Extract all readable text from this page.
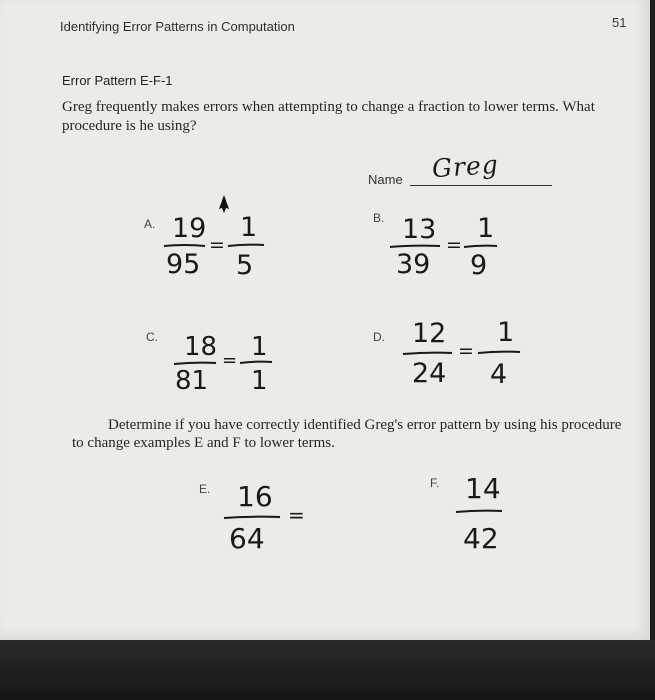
Identifying Error Patterns in Computation	51
Error Pattern E-F-1
Greg frequently makes errors when attempting to change a fraction to lower terms. What procedure is he using?
Name Greg
A. 19
95
=
1
5
B. 13
39
=
1
9
C. 18
81
= 1
1
D. 12
24
=
1
4
Determine if you have correctly identified Greg's error pattern by using his procedure to change examples E and F to lower terms.
E. 16
64
=
F. 14
42
